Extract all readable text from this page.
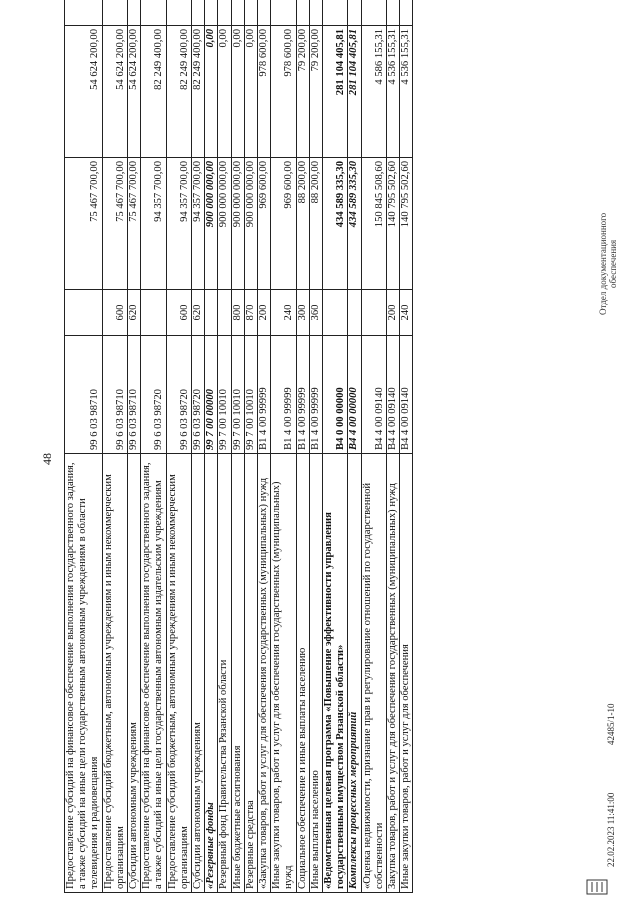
48
Предоставление субсидий на финансовое обеспечение выполнения государственного задания, а также субсидий на иные цели государственным автономным учреждениям в области телевидения и радиовещания	99 6 03 98710		75 467 700,00	54 624 200,00	
Предоставление субсидий бюджетным, автономным учреждениям и иным некоммерческим организациям	99 6 03 98710	600	75 467 700,00	54 624 200,00	
Субсидии автономным учреждениям	99 6 03 98710	620	75 467 700,00	54 624 200,00	
Предоставление субсидий на финансовое обеспечение выполнения государственного задания, а также субсидий на иные цели государственным автономным издательским учреждениям	99 6 03 98720		94 357 700,00	82 249 400,00	
Предоставление субсидий бюджетным, автономным учреждениям и иным некоммерческим организациям	99 6 03 98720	600	94 357 700,00	82 249 400,00	
Субсидии автономным учреждениям	99 6 03 98720	620	94 357 700,00	82 249 400,00	
«Резервные фонды	99 7 00 00000		900 000 000,00	0,00	
Резервный фонд Правительства Рязанской области	99 7 00 10010		900 000 000,00	0,00	
Иные бюджетные ассигнования	99 7 00 10010	800	900 000 000,00	0,00	
Резервные средства	99 7 00 10010	870	900 000 000,00	0,00	
«Закупка товаров, работ и услуг для обеспечения государственных (муниципальных) нужд	В1 4 00 99999	200	969 600,00	978 600,00	
Иные закупки товаров, работ и услуг для обеспечения государственных (муниципальных) нужд	В1 4 00 99999	240	969 600,00	978 600,00	
Социальное обеспечение и иные выплаты населению	В1 4 00 99999	300	88 200,00	79 200,00	
Иные выплаты населению	В1 4 00 99999	360	88 200,00	79 200,00	
«Ведомственная целевая программа «Повышение эффективности управления государственным имуществом Рязанской области»	В4 0 00 00000		434 589 335,30	281 104 405,81	
Комплексы процессных мероприятий	В4 4 00 00000		434 589 335,30	281 104 405,81	
«Оценка недвижимости, признание прав и регулирование отношений по государственной собственности	В4 4 00 09140		150 845 508,60	4 586 155,31	
Закупка товаров, работ и услуг для обеспечения государственных (муниципальных) нужд	В4 4 00 09140	200	140 795 502,60	4 536 155,31	
Иные закупки товаров, работ и услуг для обеспечения	В4 4 00 09140	240	140 795 502,60	4 536 155,31	
Отдел документационного обеспечения
22.02.2023 11:41:00
42485/1-10
